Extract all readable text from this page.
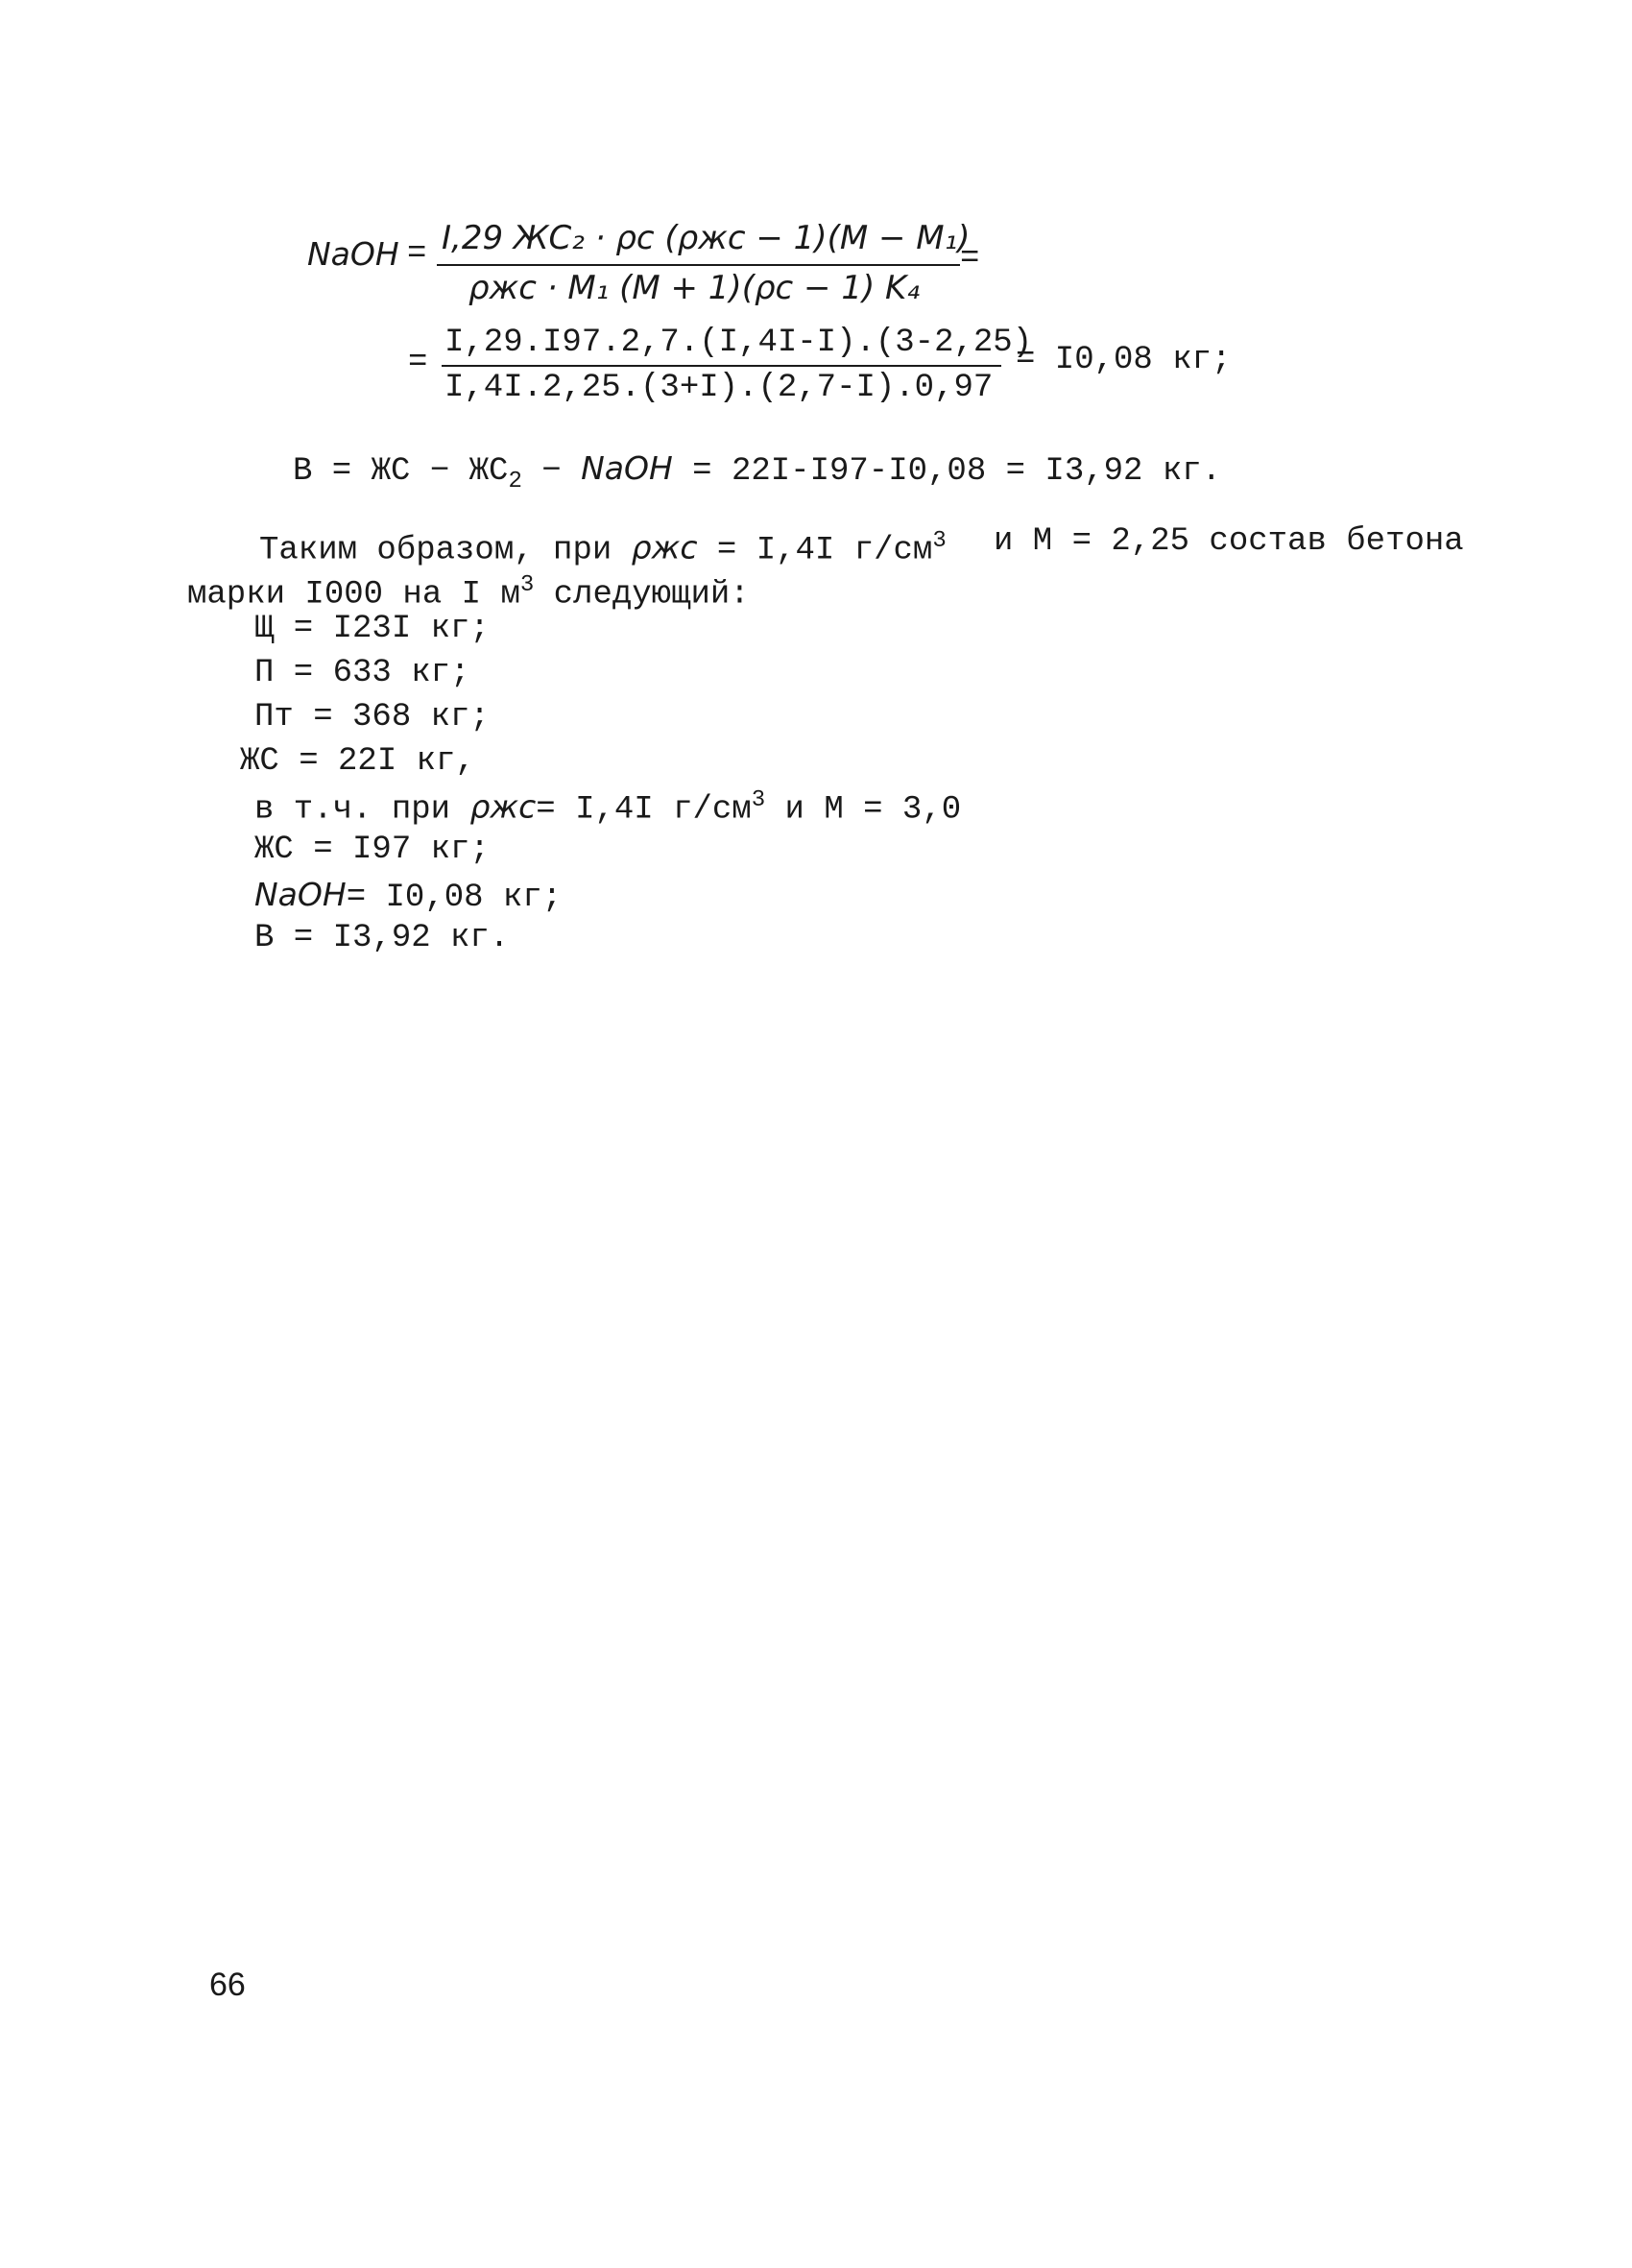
NaOH = I,29 ЖС₂ · ρc (ρжс − 1)(M − M₁)
ρжс · M₁ (M + 1)(ρc − 1) K₄
=
=
I,29.I97.2,7.(I,4I-I).(3-2,25)
I,4I.2,25.(3+I).(2,7-I).0,97
= I0,08 кг;
B = ЖС − $ЖС_2$ − NaOH = 22I-I97-I0,08 = I3,92 кг.
Таким образом, при ρжс = I,4I $г/см^3$ и M = 2,25 состав бетона
марки I000 на I $м^3$ следующий:
Щ = I23I кг;
П = 633 кг;
Пт = 368 кг;
ЖС = 22I кг,
в т.ч. при ρжс= I,4I $г/см^3$ и M = 3,0
ЖС = I97 кг;
NaOH= I0,08 кг;
B = I3,92 кг.
66
